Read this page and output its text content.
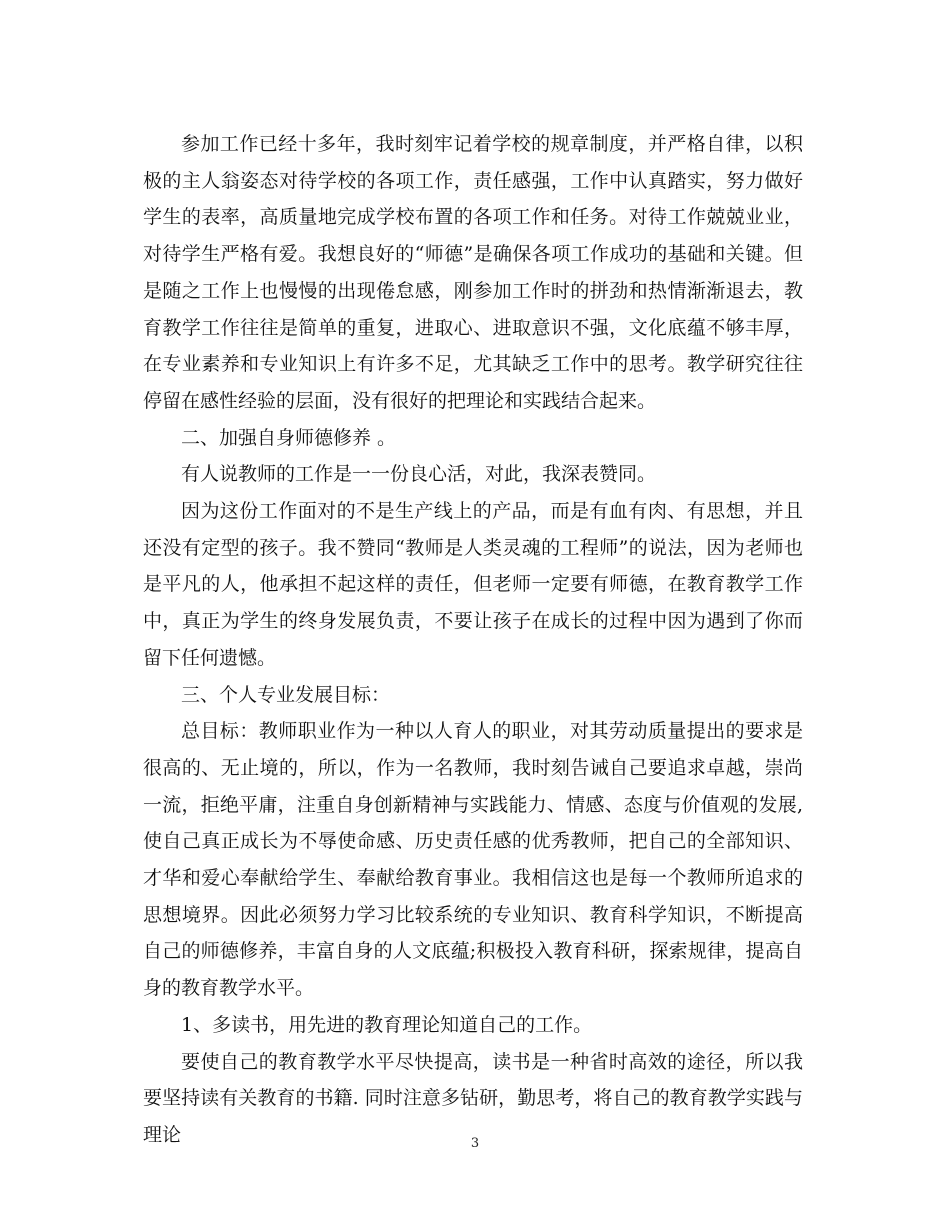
参加工作已经十多年，我时刻牢记着学校的规章制度，并严格自律，以积极的主人翁姿态对待学校的各项工作，责任感强，工作中认真踏实，努力做好学生的表率，高质量地完成学校布置的各项工作和任务。对待工作兢兢业业，对待学生严格有爱。我想良好的“师德”是确保各项工作成功的基础和关键。但是随之工作上也慢慢的出现倦怠感，刚参加工作时的拼劲和热情渐渐退去，教育教学工作往往是简单的重复，进取心、进取意识不强，文化底蕴不够丰厚，在专业素养和专业知识上有许多不足，尤其缺乏工作中的思考。教学研究往往停留在感性经验的层面，没有很好的把理论和实践结合起来。

二、加强自身师德修养 。

有人说教师的工作是一一份良心活，对此，我深表赞同。

因为这份工作面对的不是生产线上的产品，而是有血有肉、有思想，并且还没有定型的孩子。我不赞同“教师是人类灵魂的工程师”的说法，因为老师也是平凡的人，他承担不起这样的责任，但老师一定要有师德，在教育教学工作中，真正为学生的终身发展负责，不要让孩子在成长的过程中因为遇到了你而留下任何遗憾。

三、个人专业发展目标：

总目标：教师职业作为一种以人育人的职业，对其劳动质量提出的要求是很高的、无止境的，所以，作为一名教师，我时刻告诫自己要追求卓越，崇尚一流，拒绝平庸，注重自身创新精神与实践能力、情感、态度与价值观的发展,使自己真正成长为不辱使命感、历史责任感的优秀教师，把自己的全部知识、才华和爱心奉献给学生、奉献给教育事业。我相信这也是每一个教师所追求的思想境界。因此必须努力学习比较系统的专业知识、教育科学知识，不断提高自己的师德修养，丰富自身的人文底蕴;积极投入教育科研，探索规律，提高自身的教育教学水平。

1、多读书，用先进的教育理论知道自己的工作。

要使自己的教育教学水平尽快提高，读书是一种省时高效的途径，所以我要坚持读有关教育的书籍. 同时注意多钻研，勤思考，将自己的教育教学实践与理论	3
